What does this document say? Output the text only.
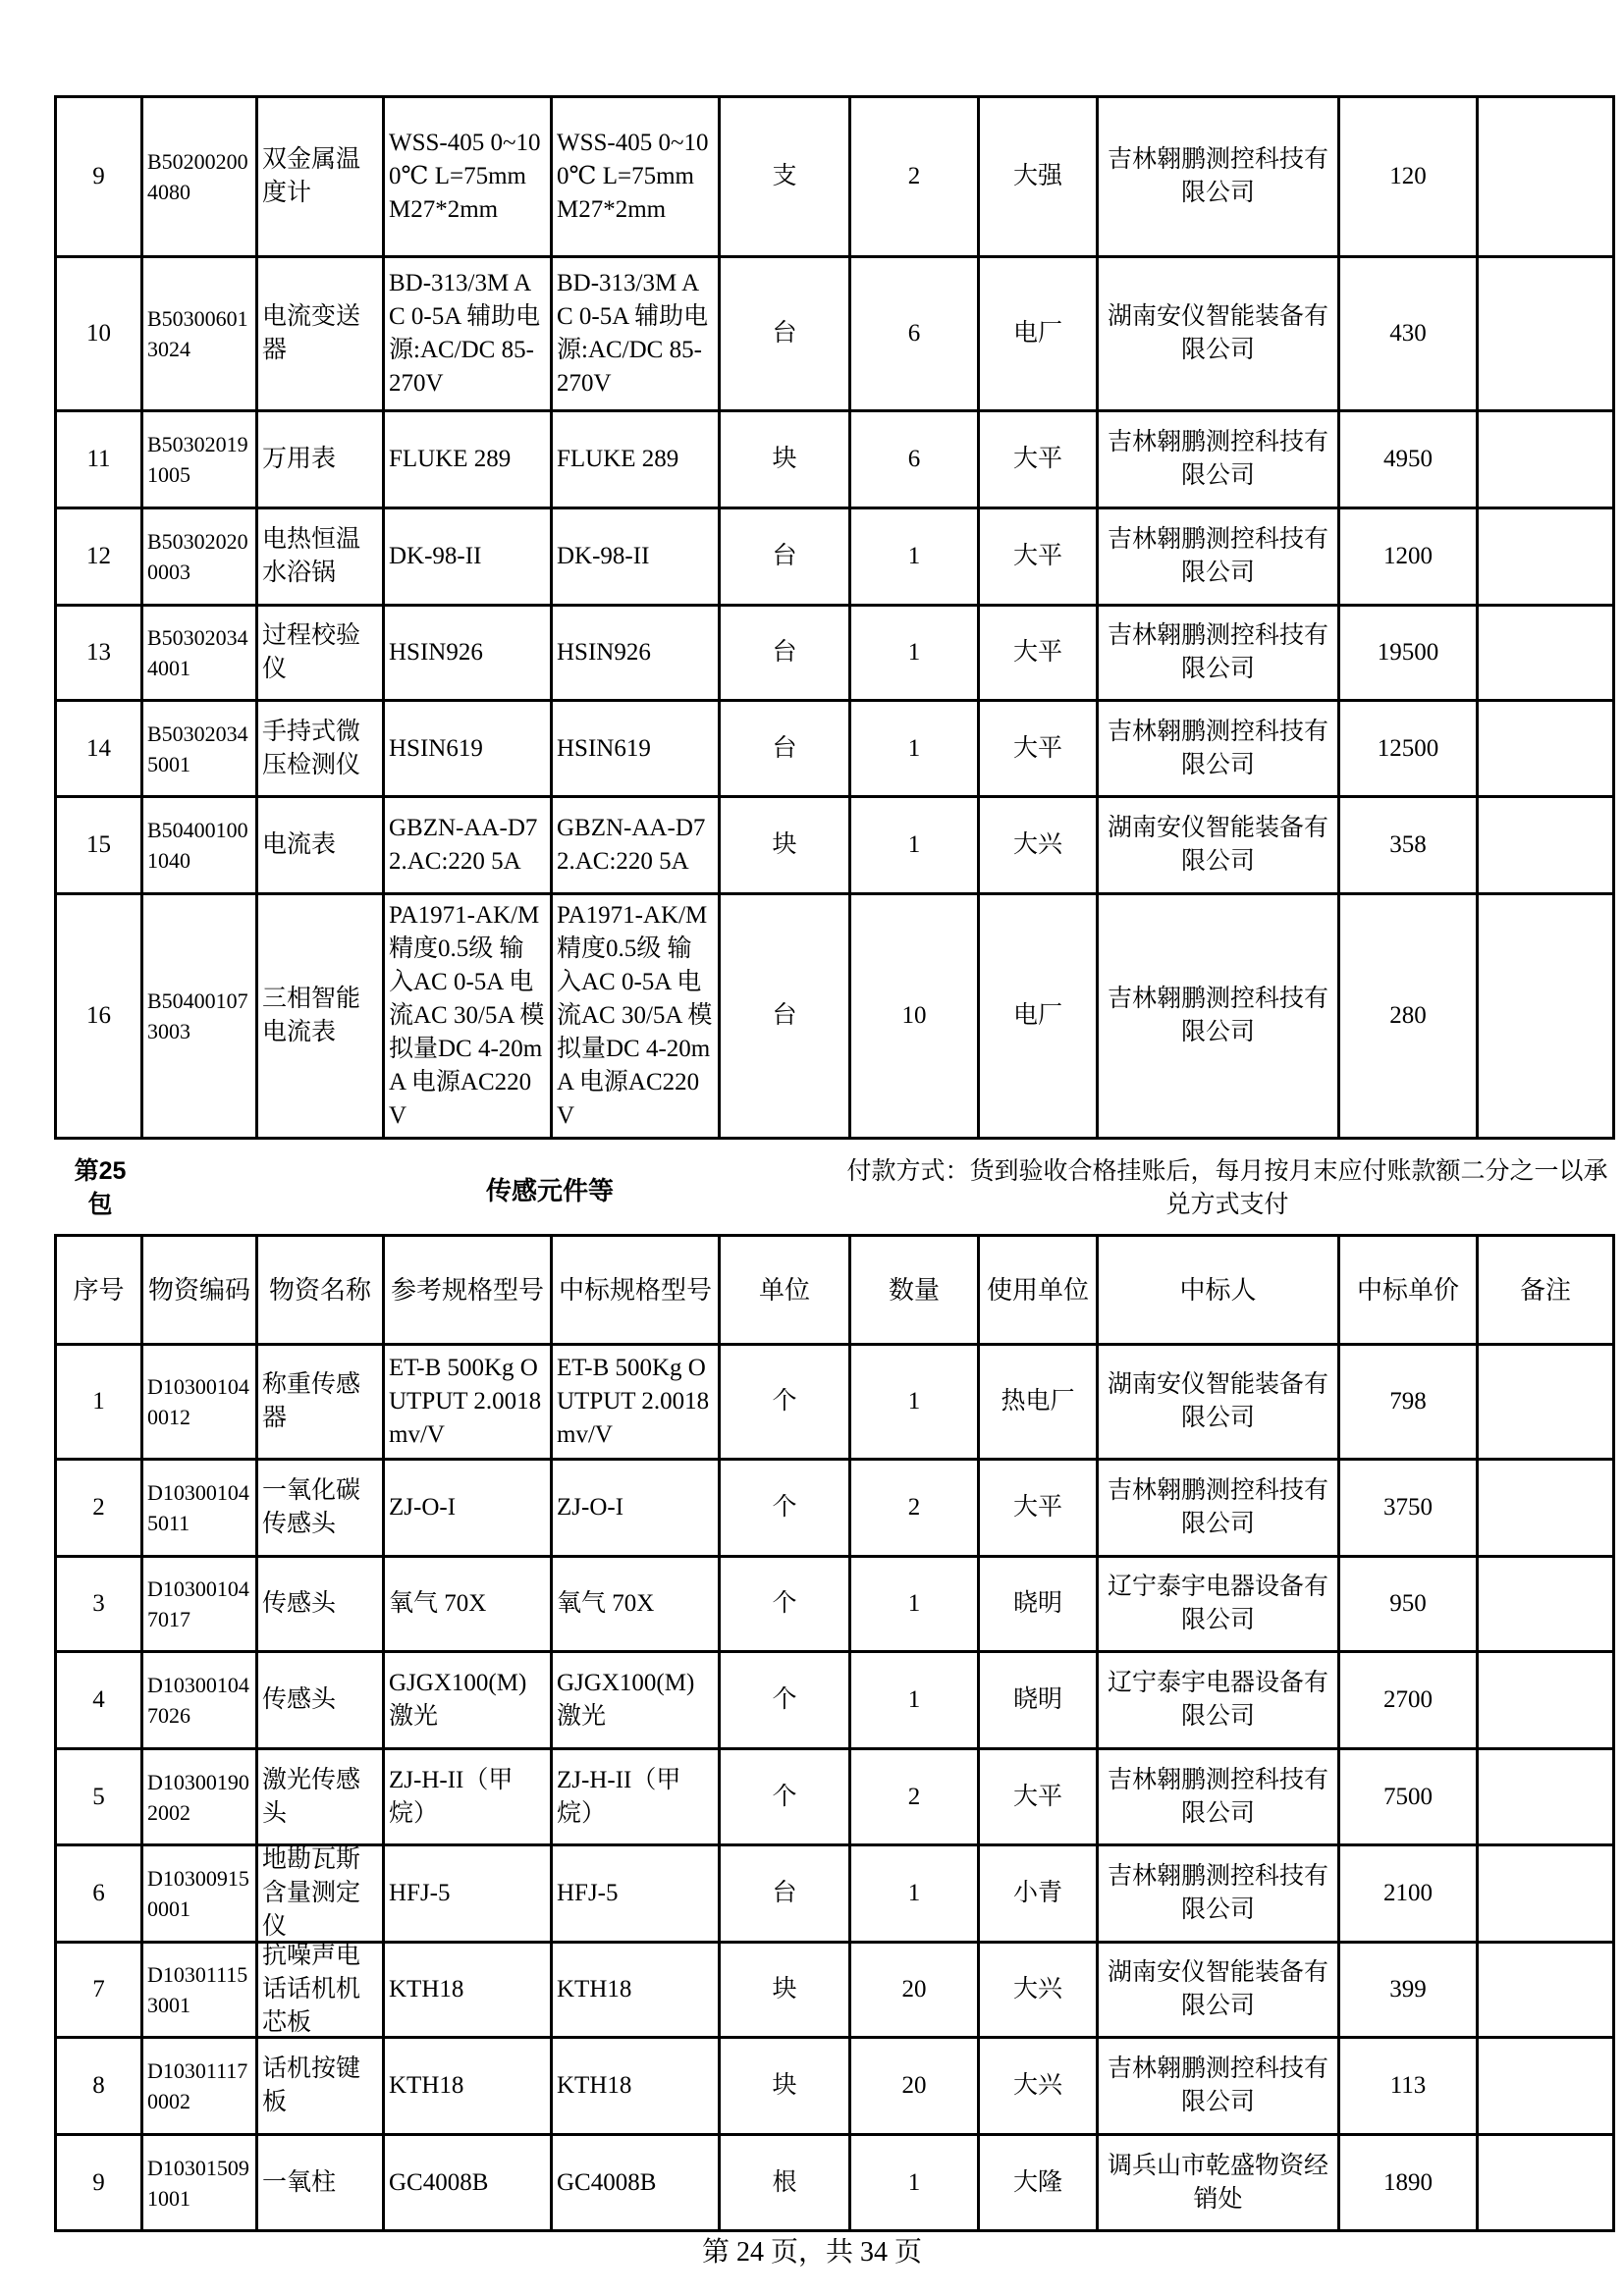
9	B502002004080	双金属温度计	WSS-405 0~100℃ L=75mm M27*2mm	WSS-405 0~100℃ L=75mm M27*2mm	支	2	大强	吉林翱鹏测控科技有限公司	120	

10	B503006013024	电流变送器	BD-313/3M AC 0-5A 辅助电源:AC/DC 85-270V	BD-313/3M AC 0-5A 辅助电源:AC/DC 85-270V	台	6	电厂	湖南安仪智能装备有限公司	430	

11	B503020191005	万用表	FLUKE 289	FLUKE 289	块	6	大平	吉林翱鹏测控科技有限公司	4950	

12	B503020200003	电热恒温水浴锅	DK-98-II	DK-98-II	台	1	大平	吉林翱鹏测控科技有限公司	1200	

13	B503020344001	过程校验仪	HSIN926	HSIN926	台	1	大平	吉林翱鹏测控科技有限公司	19500	

14	B503020345001	手持式微压检测仪	HSIN619	HSIN619	台	1	大平	吉林翱鹏测控科技有限公司	12500	

15	B504001001040	电流表	GBZN-AA-D72.AC:220 5A	GBZN-AA-D72.AC:220 5A	块	1	大兴	湖南安仪智能装备有限公司	358	

16	B504001073003	三相智能电流表	PA1971-AK/M 精度0.5级 输入AC 0-5A 电流AC 30/5A 模拟量DC 4-20mA 电源AC220V	PA1971-AK/M 精度0.5级 输入AC 0-5A 电流AC 30/5A 模拟量DC 4-20mA 电源AC220V	台	10	电厂	吉林翱鹏测控科技有限公司	280	

第25包	传感元件等
付款方式：货到验收合格挂账后，每月按月末应付账款额二分之一以承兑方式支付
序号	物资编码	物资名称	参考规格型号	中标规格型号	单位	数量	使用单位	中标人	中标单价	备注

1	D103001040012	称重传感器	ET-B 500Kg OUTPUT 2.0018mv/V	ET-B 500Kg OUTPUT 2.0018mv/V	个	1	热电厂	湖南安仪智能装备有限公司	798	

2	D103001045011	一氧化碳传感头	ZJ-O-I	ZJ-O-I	个	2	大平	吉林翱鹏测控科技有限公司	3750	

3	D103001047017	传感头	氧气 70X	氧气 70X	个	1	晓明	辽宁泰宇电器设备有限公司	950	

4	D103001047026	传感头	GJGX100(M)激光	GJGX100(M)激光	个	1	晓明	辽宁泰宇电器设备有限公司	2700	

5	D103001902002	激光传感头	ZJ-H-II（甲烷）	ZJ-H-II（甲烷）	个	2	大平	吉林翱鹏测控科技有限公司	7500	

6	D103009150001	地勘瓦斯含量测定仪	HFJ-5	HFJ-5	台	1	小青	吉林翱鹏测控科技有限公司	2100	

7	D103011153001	抗噪声电话话机机芯板	KTH18	KTH18	块	20	大兴	湖南安仪智能装备有限公司	399	

8	D103011170002	话机按键板	KTH18	KTH18	块	20	大兴	吉林翱鹏测控科技有限公司	113	

9	D103015091001	一氧柱	GC4008B	GC4008B	根	1	大隆	调兵山市乾盛物资经销处	1890	

第 24 页，共 34 页
